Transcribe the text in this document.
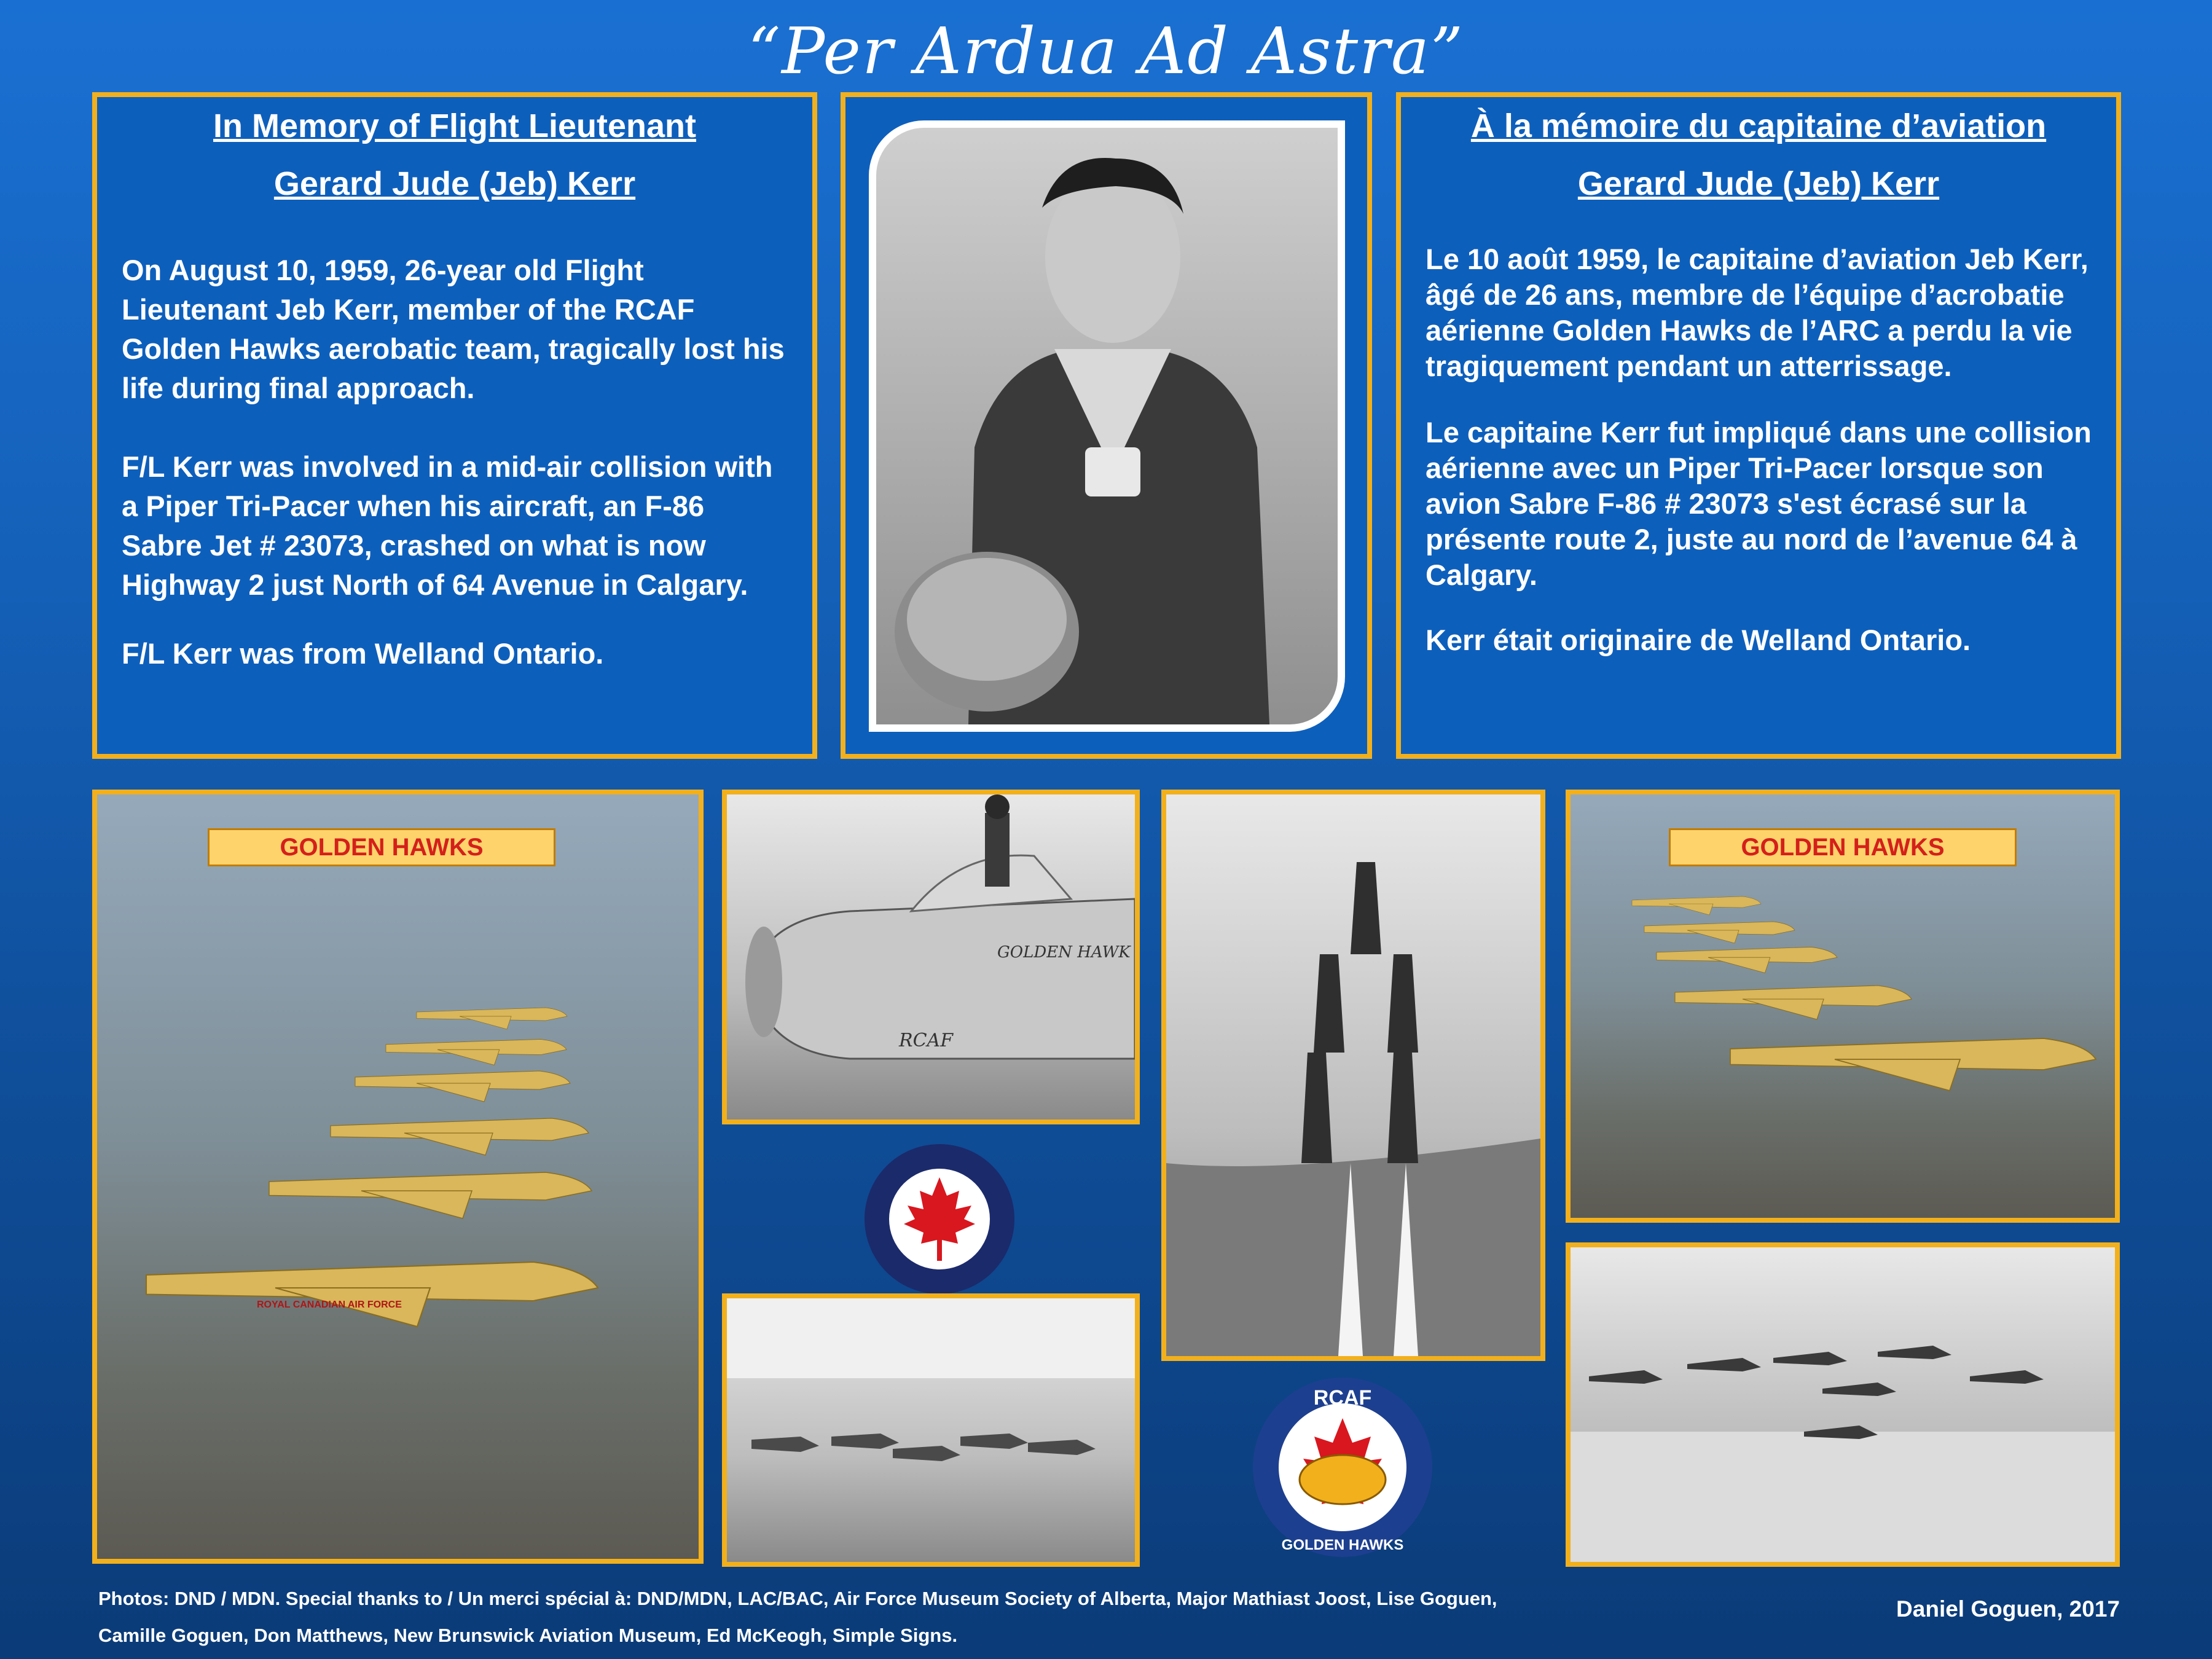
“Per Ardua Ad Astra”
In Memory of Flight Lieutenant
Gerard Jude (Jeb) Kerr

On August 10, 1959, 26-year old Flight Lieutenant Jeb Kerr, member of the RCAF Golden Hawks aerobatic team, tragically lost his life during final approach.

F/L Kerr was involved in a mid-air collision with a Piper Tri-Pacer when his aircraft, an F-86 Sabre Jet # 23073, crashed on what is now Highway 2 just North of 64 Avenue in Calgary.

F/L Kerr was from Welland Ontario.

À la mémoire du capitaine d’aviation
Gerard Jude (Jeb) Kerr

Le 10 août 1959, le capitaine d’aviation Jeb Kerr, âgé de 26 ans, membre de l’équipe d’acrobatie aérienne Golden Hawks de l’ARC a perdu la vie tragiquement pendant un atterrissage.

Le capitaine Kerr fut impliqué dans une collision aérienne avec un Piper Tri-Pacer lorsque son avion Sabre F-86 # 23073 s'est écrasé sur la présente route 2, juste au nord de l’avenue 64 à Calgary.

Kerr était originaire de Welland Ontario.

GOLDEN HAWKS
ROYAL CANADIAN AIR FORCE
GOLDEN HAWK
RCAF
RCAF
GOLDEN HAWKS
GOLDEN HAWKS
Photos: DND / MDN. Special thanks to / Un merci spécial à: DND/MDN, LAC/BAC, Air Force Museum Society of Alberta, Major Mathiast Joost, Lise Goguen,
Camille Goguen, Don Matthews, New Brunswick Aviation Museum, Ed McKeogh, Simple Signs.
Daniel Goguen, 2017
